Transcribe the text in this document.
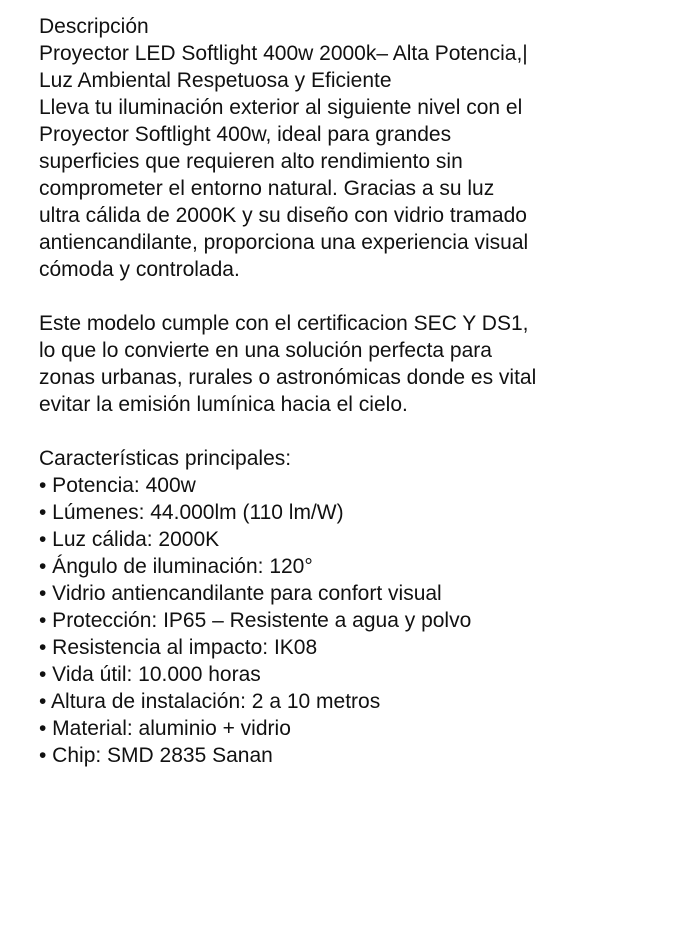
Descripción
Proyector LED Softlight 400w 2000k– Alta Potencia,|
Luz Ambiental Respetuosa y Eficiente
Lleva tu iluminación exterior al siguiente nivel con el
Proyector Softlight 400w, ideal para grandes
superficies que requieren alto rendimiento sin
comprometer el entorno natural. Gracias a su luz
ultra cálida de 2000K y su diseño con vidrio tramado
antiencandilante, proporciona una experiencia visual
cómoda y controlada.
Este modelo cumple con el certificacion SEC Y DS1,
lo que lo convierte en una solución perfecta para
zonas urbanas, rurales o astronómicas donde es vital
evitar la emisión lumínica hacia el cielo.
Características principales:
• Potencia: 400w
• Lúmenes: 44.000lm (110 lm/W)
• Luz cálida: 2000K
• Ángulo de iluminación: 120°
• Vidrio antiencandilante para confort visual
• Protección: IP65 – Resistente a agua y polvo
• Resistencia al impacto: IK08
• Vida útil: 10.000 horas
• Altura de instalación: 2 a 10 metros
• Material: aluminio + vidrio
• Chip: SMD 2835 Sanan
